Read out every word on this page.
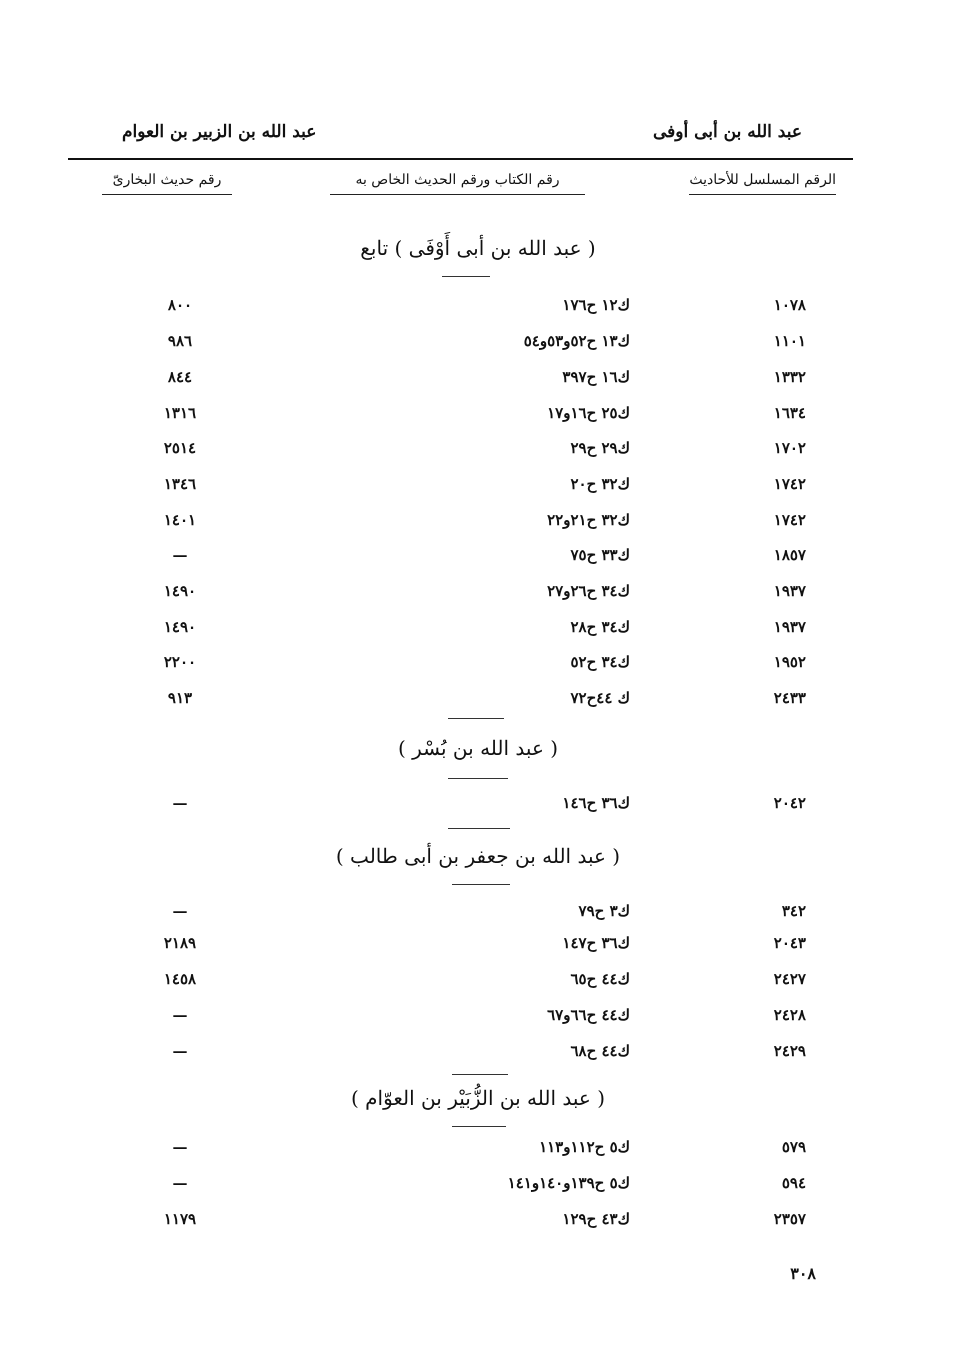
عبد الله بن أبى أوفى
عبد الله بن الزبير بن العوام
الرقم المسلسل للأحاديث
رقم الكتاب ورقم الحديث الخاص به
رقم حديث البخارىّ
( عبد الله بن أبى أَوْفَى ) تابع
١٠٧٨
ك١٢ ح١٧٦
٨٠٠
١١٠١
ك١٣ ح٥٢و٥٣و٥٤
٩٨٦
١٣٣٢
ك١٦ ح٣٩٧
٨٤٤
١٦٣٤
ك٢٥ ح١٦و١٧
١٣١٦
١٧٠٢
ك٢٩ ح٢٩
٢٥١٤
١٧٤٢
ك٣٢ ح٢٠
١٣٤٦
١٧٤٢
ك٣٢ ح٢١و٢٢
١٤٠١
١٨٥٧
ك٣٣ ح٧٥
—
١٩٣٧
ك٣٤ ح٢٦و٢٧
١٤٩٠
١٩٣٧
ك٣٤ ح٢٨
١٤٩٠
١٩٥٢
ك٣٤ ح٥٢
٢٢٠٠
٢٤٣٣
ك ٤٤ح٧٢
٩١٣
( عبد الله بن بُسْر )
٢٠٤٢
ك٣٦ ح١٤٦
—
( عبد الله بن جعفر بن أبى طالب )
٣٤٢
ك٣ ح٧٩
—
٢٠٤٣
ك٣٦ ح١٤٧
٢١٨٩
٢٤٢٧
ك٤٤ ح٦٥
١٤٥٨
٢٤٢٨
ك٤٤ ح٦٦و٦٧
—
٢٤٢٩
ك٤٤ ح٦٨
—
( عبد الله بن الزُّبَيْر بن العوّام )
٥٧٩
ك٥ ح١١٢و١١٣
—
٥٩٤
ك٥ ح١٣٩و١٤٠و١٤١
—
٢٣٥٧
ك٤٣ ح١٢٩
١١٧٩
٣٠٨
